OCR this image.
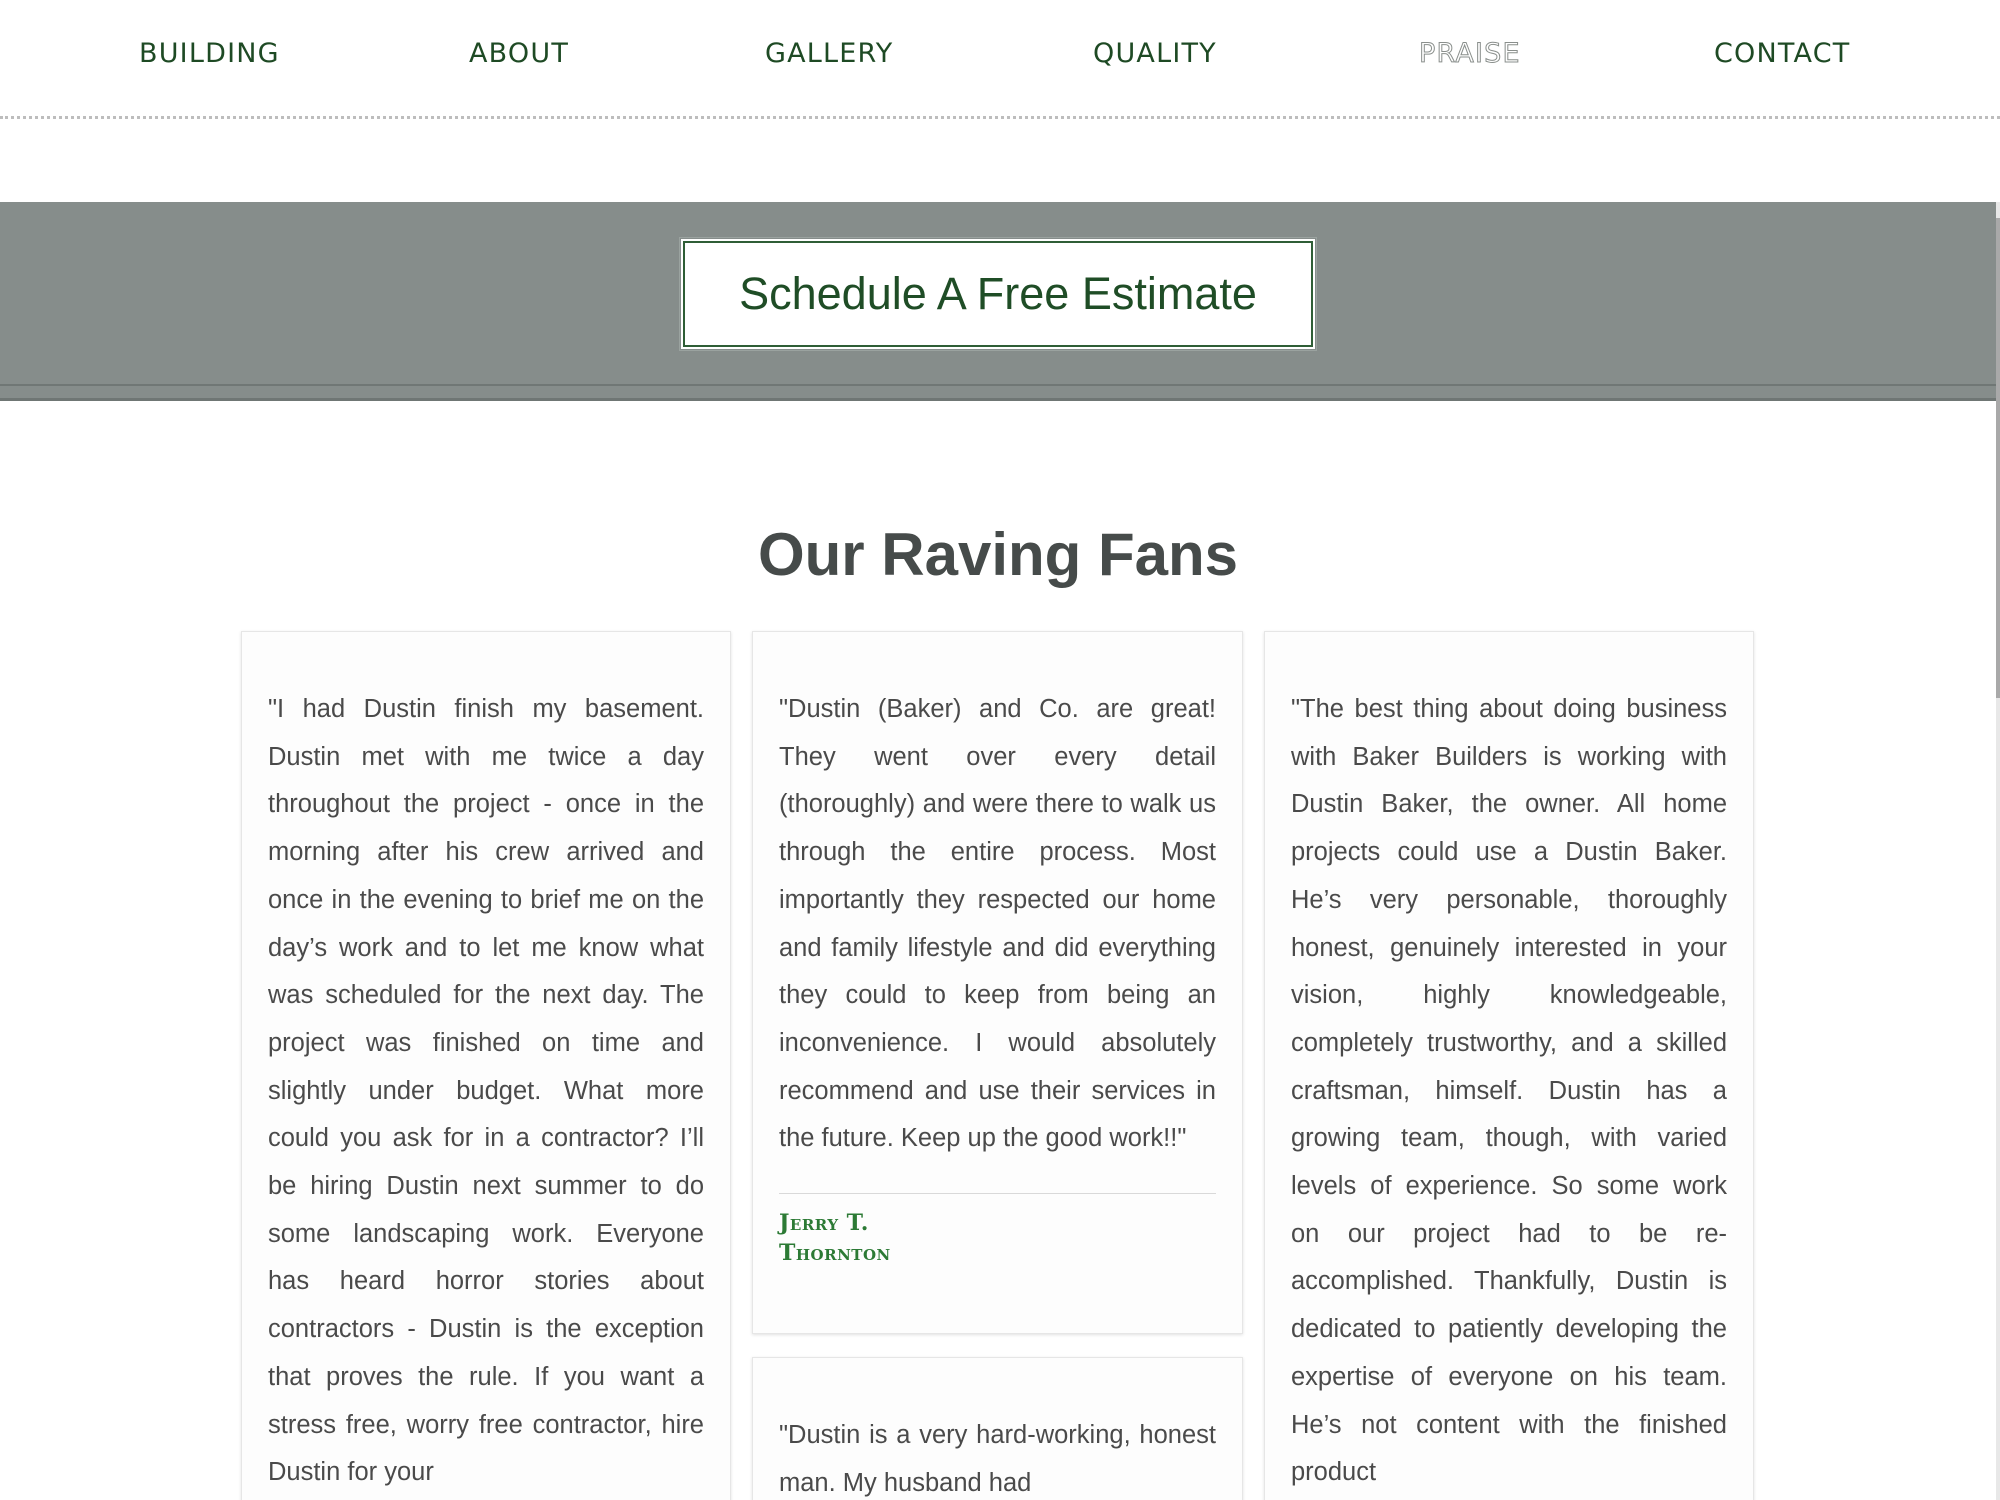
BUILDING	ABOUT	GALLERY	QUALITY	PRAISE	CONTACT
Schedule A Free Estimate
Our Raving Fans

"I had Dustin finish my basement. Dustin met with me twice a day throughout the project - once in the morning after his crew arrived and once in the evening to brief me on the day’s work and to let me know what was scheduled for the next day. The project was finished on time and slightly under budget. What more could you ask for in a contractor? I’ll be hiring Dustin next summer to do some landscaping work. Everyone has heard horror stories about contractors - Dustin is the exception that proves the rule. If you want a stress free, worry free contractor, hire Dustin for your

"Dustin (Baker) and Co. are great! They went over every detail (thoroughly) and were there to walk us through the entire process. Most importantly they respected our home and family lifestyle and did everything they could to keep from being an inconvenience. I would absolutely recommend and use their services in the future. Keep up the good work!!"

Jerry T.
Thornton

"Dustin is a very hard-working, honest man. My husband had

"The best thing about doing business with Baker Builders is working with Dustin Baker, the owner. All home projects could use a Dustin Baker. He’s very personable, thoroughly honest, genuinely interested in your vision, highly knowledgeable, completely trustworthy, and a skilled craftsman, himself. Dustin has a growing team, though, with varied levels of experience. So some work on our project had to be re-accomplished. Thankfully, Dustin is dedicated to patiently developing the expertise of everyone on his team. He’s not content with the finished product
